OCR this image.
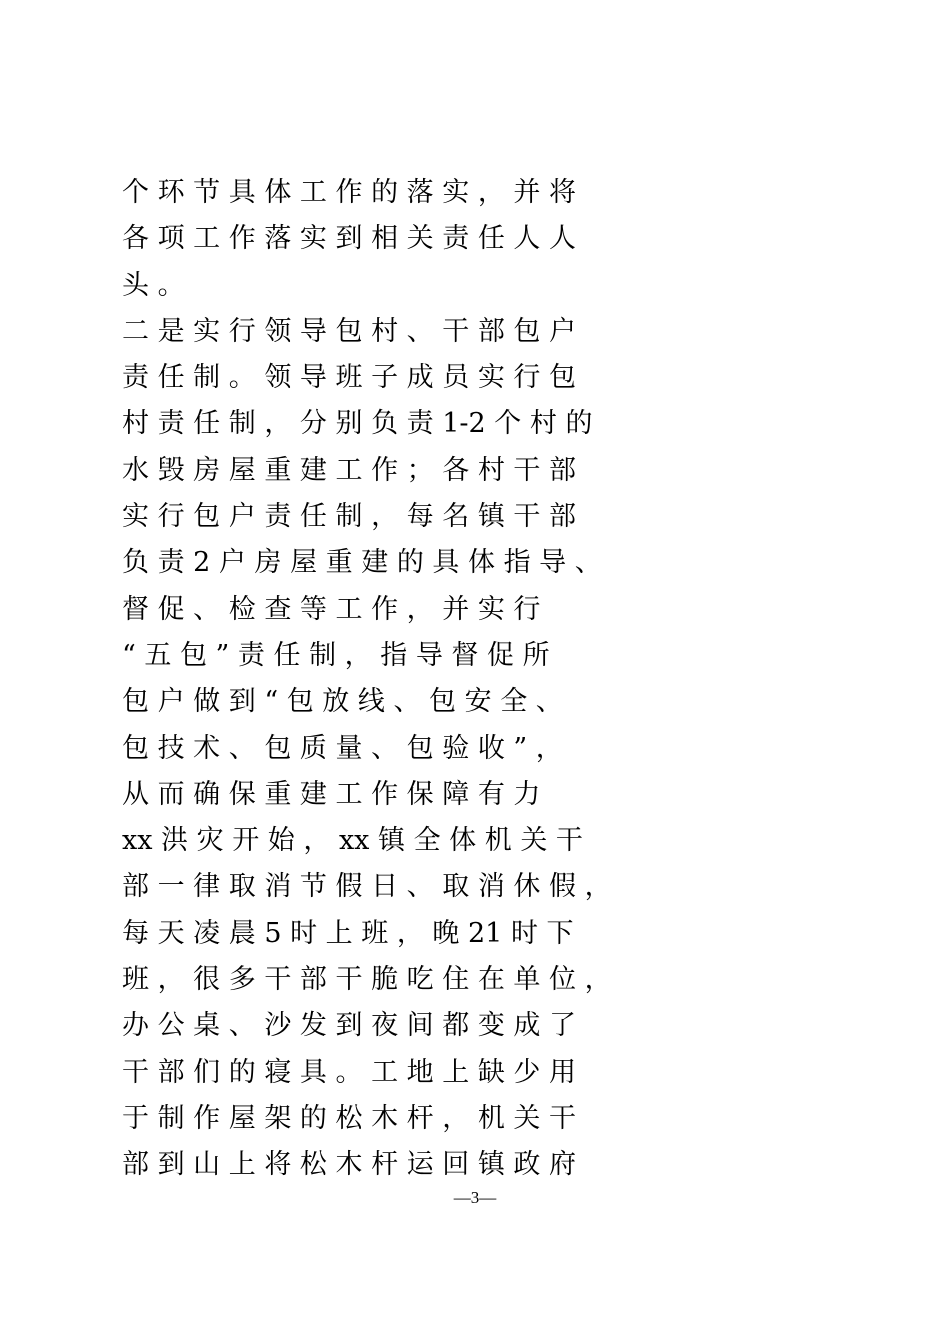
个 环 节 具 体 工 作 的 落 实 ， 并 将
各 项 工 作 落 实 到 相 关 责 任 人 人
头 。
二 是 实 行 领 导 包 村 、 干 部 包 户
责 任 制 。 领 导 班 子 成 员 实 行 包
村 责 任 制 ， 分 别 负 责 1-2 个 村 的
水 毁 房 屋 重 建 工 作 ； 各 村 干 部
实 行 包 户 责 任 制 ， 每 名 镇 干 部
负 责 2 户 房 屋 重 建 的 具 体 指 导 、
督 促 、 检 查 等 工 作 ， 并 实 行
“ 五 包 ” 责 任 制 ， 指 导 督 促 所
包 户 做 到 “ 包 放 线 、 包 安 全 、
包 技 术 、 包 质 量 、 包 验 收 ” ，
从 而 确 保 重 建 工 作 保 障 有 力
xx 洪 灾 开 始 ， xx 镇 全 体 机 关 干
部 一 律 取 消 节 假 日 、 取 消 休 假 ，
每 天 凌 晨 5 时 上 班 ， 晚 21 时 下
班 ， 很 多 干 部 干 脆 吃 住 在 单 位 ，
办 公 桌 、 沙 发 到 夜 间 都 变 成 了
干 部 们 的 寝 具 。 工 地 上 缺 少 用
于 制 作 屋 架 的 松 木 杆 ， 机 关 干
部 到 山 上 将 松 木 杆 运 回 镇 政 府
—3—
